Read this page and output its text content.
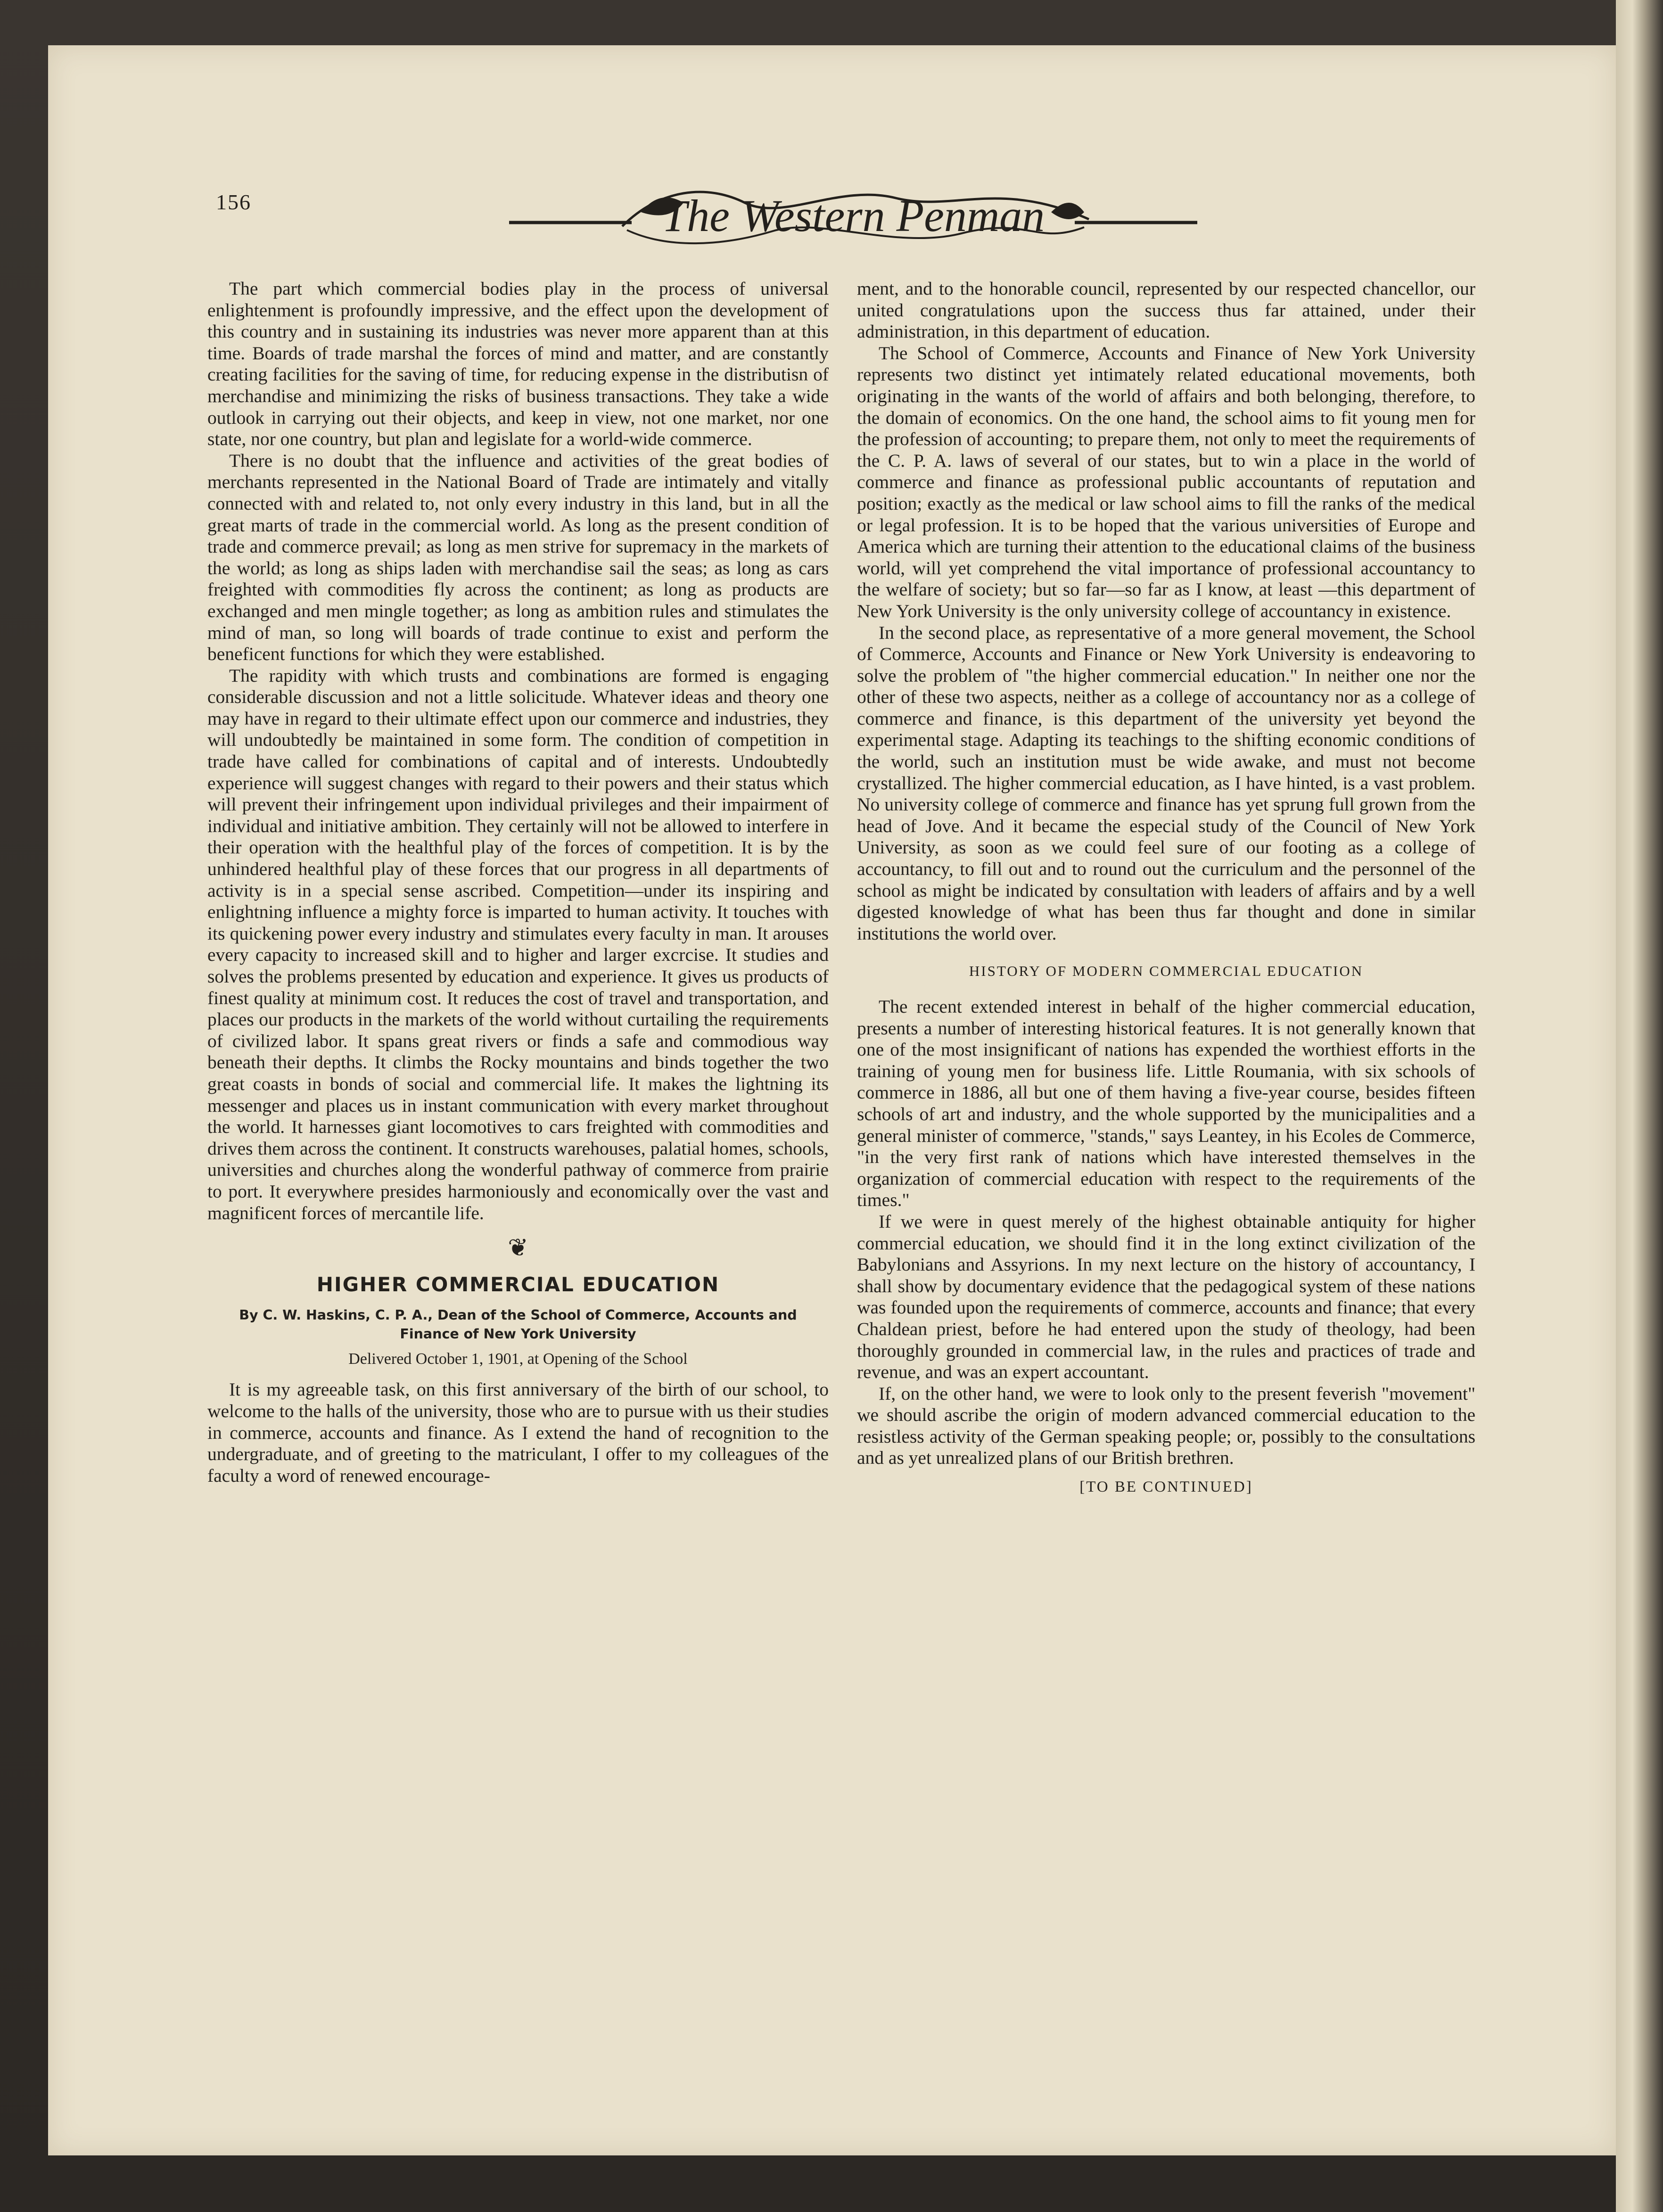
156	The Western Penman

The part which commercial bodies play in the process of universal enlightenment is profoundly impressive, and the effect upon the development of this country and in sustaining its industries was never more apparent than at this time. Boards of trade marshal the forces of mind and matter, and are constantly creating facilities for the saving of time, for reducing expense in the distributisn of merchandise and minimizing the risks of business transactions. They take a wide outlook in carrying out their objects, and keep in view, not one market, nor one state, nor one country, but plan and legislate for a world-wide commerce.

There is no doubt that the influence and activities of the great bodies of merchants represented in the National Board of Trade are intimately and vitally connected with and related to, not only every industry in this land, but in all the great marts of trade in the commercial world. As long as the present condition of trade and commerce prevail; as long as men strive for supremacy in the markets of the world; as long as ships laden with merchandise sail the seas; as long as cars freighted with commodities fly across the continent; as long as products are exchanged and men mingle together; as long as ambition rules and stimulates the mind of man, so long will boards of trade continue to exist and perform the beneficent functions for which they were established.

The rapidity with which trusts and combinations are formed is engaging considerable discussion and not a little solicitude. Whatever ideas and theory one may have in regard to their ultimate effect upon our commerce and industries, they will undoubtedly be maintained in some form. The condition of competition in trade have called for combinations of capital and of interests. Undoubtedly experience will suggest changes with regard to their powers and their status which will prevent their infringement upon individual privileges and their impairment of individual and initiative ambition. They certainly will not be allowed to interfere in their operation with the healthful play of the forces of competition. It is by the unhindered healthful play of these forces that our progress in all departments of activity is in a special sense ascribed. Competition—under its inspiring and enlightning influence a mighty force is imparted to human activity. It touches with its quickening power every industry and stimulates every faculty in man. It arouses every capacity to increased skill and to higher and larger excrcise. It studies and solves the problems presented by education and experience. It gives us products of finest quality at minimum cost. It reduces the cost of travel and transportation, and places our products in the markets of the world without curtailing the requirements of civilized labor. It spans great rivers or finds a safe and commodious way beneath their depths. It climbs the Rocky mountains and binds together the two great coasts in bonds of social and commercial life. It makes the lightning its messenger and places us in instant communication with every market throughout the world. It harnesses giant locomotives to cars freighted with commodities and drives them across the continent. It constructs warehouses, palatial homes, schools, universities and churches along the wonderful pathway of commerce from prairie to port. It everywhere presides harmoniously and economically over the vast and magnificent forces of mercantile life.

❦
HIGHER COMMERCIAL EDUCATION
By C. W. Haskins, C. P. A., Dean of the School of Commerce, Accounts and Finance of New York University
Delivered October 1, 1901, at Opening of the School

It is my agreeable task, on this first anniversary of the birth of our school, to welcome to the halls of the university, those who are to pursue with us their studies in commerce, accounts and finance. As I extend the hand of recognition to the undergraduate, and of greeting to the matriculant, I offer to my colleagues of the faculty a word of renewed encourage-

ment, and to the honorable council, represented by our respected chancellor, our united congratulations upon the success thus far attained, under their administration, in this department of education.

The School of Commerce, Accounts and Finance of New York University represents two distinct yet intimately related educational movements, both originating in the wants of the world of affairs and both belonging, therefore, to the domain of economics. On the one hand, the school aims to fit young men for the profession of accounting; to prepare them, not only to meet the requirements of the C. P. A. laws of several of our states, but to win a place in the world of commerce and finance as professional public accountants of reputation and position; exactly as the medical or law school aims to fill the ranks of the medical or legal profession. It is to be hoped that the various universities of Europe and America which are turning their attention to the educational claims of the business world, will yet comprehend the vital importance of professional accountancy to the welfare of society; but so far—so far as I know, at least —this department of New York University is the only university college of accountancy in existence.

In the second place, as representative of a more general movement, the School of Commerce, Accounts and Finance or New York University is endeavoring to solve the problem of "the higher commercial education." In neither one nor the other of these two aspects, neither as a college of accountancy nor as a college of commerce and finance, is this department of the university yet beyond the experimental stage. Adapting its teachings to the shifting economic conditions of the world, such an institution must be wide awake, and must not become crystallized. The higher commercial education, as I have hinted, is a vast problem. No university college of commerce and finance has yet sprung full grown from the head of Jove. And it became the especial study of the Council of New York University, as soon as we could feel sure of our footing as a college of accountancy, to fill out and to round out the curriculum and the personnel of the school as might be indicated by consultation with leaders of affairs and by a well digested knowledge of what has been thus far thought and done in similar institutions the world over.

HISTORY OF MODERN COMMERCIAL EDUCATION

The recent extended interest in behalf of the higher commercial education, presents a number of interesting historical features. It is not generally known that one of the most insignificant of nations has expended the worthiest efforts in the training of young men for business life. Little Roumania, with six schools of commerce in 1886, all but one of them having a five-year course, besides fifteen schools of art and industry, and the whole supported by the municipalities and a general minister of commerce, "stands," says Leantey, in his Ecoles de Commerce, "in the very first rank of nations which have interested themselves in the organization of commercial education with respect to the requirements of the times."

If we were in quest merely of the highest obtainable antiquity for higher commercial education, we should find it in the long extinct civilization of the Babylonians and Assyrions. In my next lecture on the history of accountancy, I shall show by documentary evidence that the pedagogical system of these nations was founded upon the requirements of commerce, accounts and finance; that every Chaldean priest, before he had entered upon the study of theology, had been thoroughly grounded in commercial law, in the rules and practices of trade and revenue, and was an expert accountant.

If, on the other hand, we were to look only to the present feverish "movement" we should ascribe the origin of modern advanced commercial education to the resistless activity of the German speaking people; or, possibly to the consultations and as yet unrealized plans of our British brethren.

[TO BE CONTINUED]
